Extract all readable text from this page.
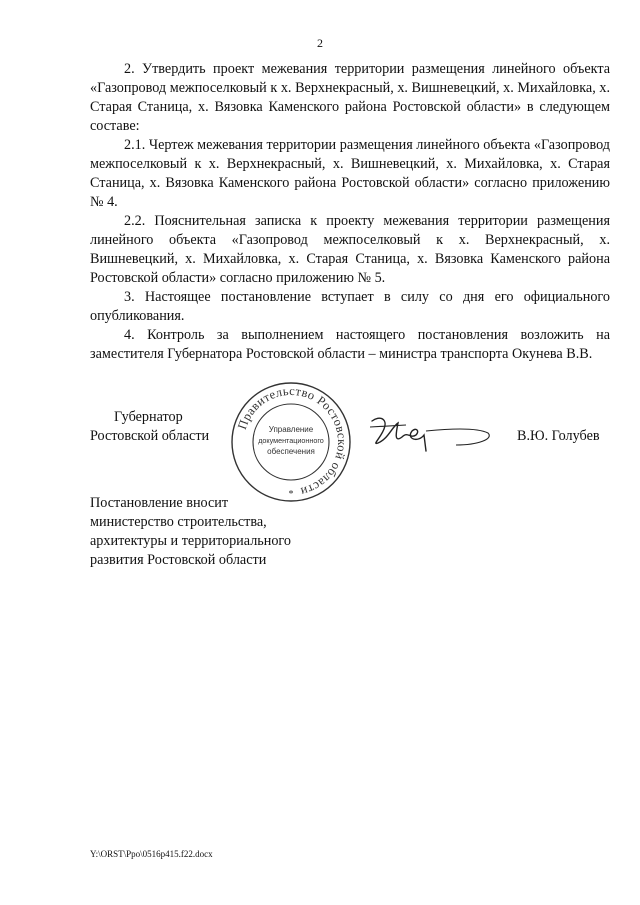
2

2. Утвердить проект межевания территории размещения линейного объекта «Газопровод межпоселковый к х. Верхнекрасный, х. Вишневецкий, х. Михайловка, х. Старая Станица, х. Вязовка Каменского района Ростовской области» в следующем составе:

2.1. Чертеж межевания территории размещения линейного объекта «Газопровод межпоселковый к х. Верхнекрасный, х. Вишневецкий, х. Михайловка, х. Старая Станица, х. Вязовка Каменского района Ростовской области» согласно приложению № 4.

2.2. Пояснительная записка к проекту межевания территории размещения линейного объекта «Газопровод межпоселковый к х. Верхнекрасный, х. Вишневецкий, х. Михайловка, х. Старая Станица, х. Вязовка Каменского района Ростовской области» согласно приложению № 5.

3. Настоящее постановление вступает в силу со дня его официального опубликования.

4. Контроль за выполнением настоящего постановления возложить на заместителя Губернатора Ростовской области – министра транспорта Окунева В.В.

Губернатор
Ростовской области
Правительство Ростовской области
Управление
документационного
обеспечения
*
В.Ю. Голубев
Постановление вносит
министерство строительства,
архитектуры и территориального
развития Ростовской области
Y:\ORST\Ppo\0516p415.f22.docx
